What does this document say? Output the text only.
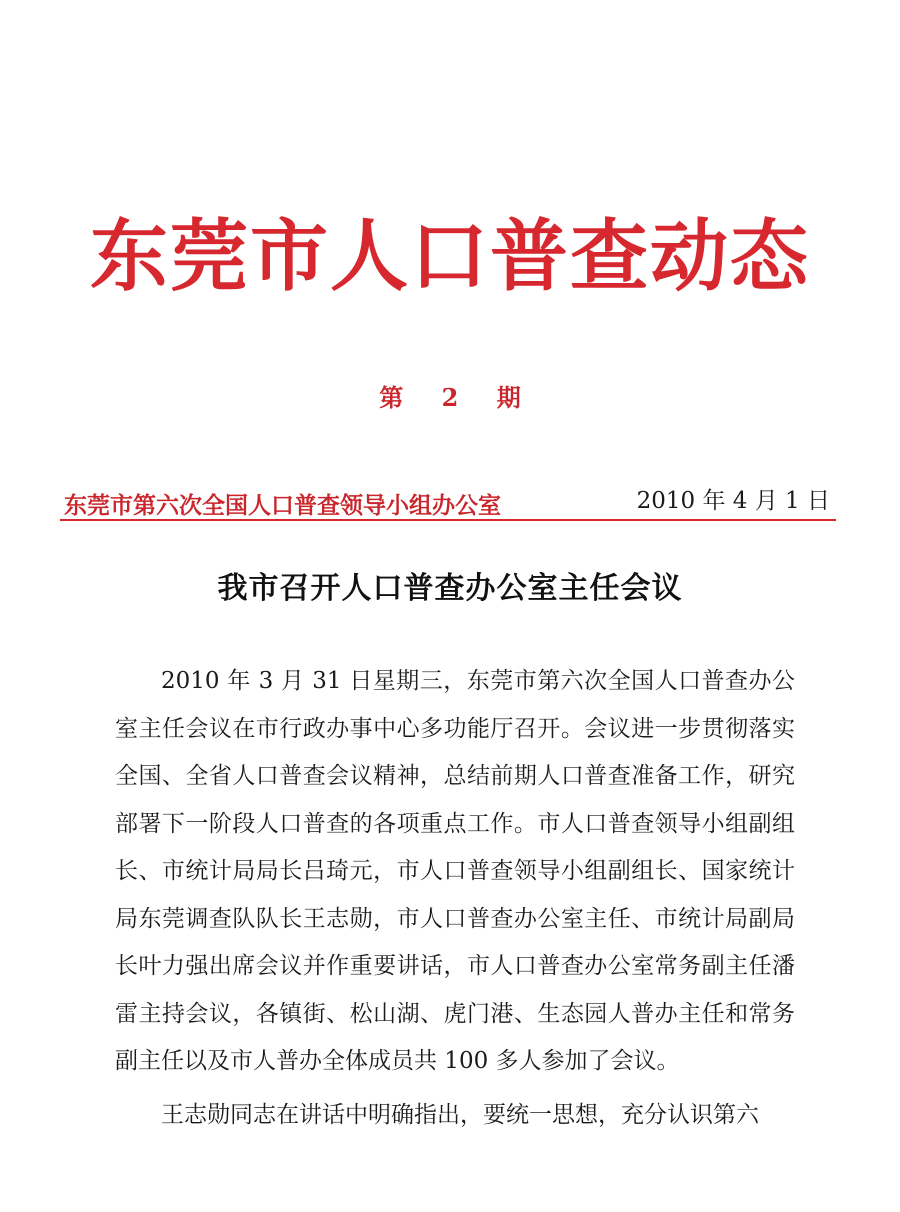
东莞市人口普查动态
第 2 期
东莞市第六次全国人口普查领导小组办公室	2010 年 4 月 1 日
我市召开人口普查办公室主任会议

2010 年 3 月 31 日星期三，东莞市第六次全国人口普查办公室主任会议在市行政办事中心多功能厅召开。会议进一步贯彻落实全国、全省人口普查会议精神，总结前期人口普查准备工作，研究部署下一阶段人口普查的各项重点工作。市人口普查领导小组副组长、市统计局局长吕琦元，市人口普查领导小组副组长、国家统计局东莞调查队队长王志勋，市人口普查办公室主任、市统计局副局长叶力强出席会议并作重要讲话，市人口普查办公室常务副主任潘雷主持会议，各镇街、松山湖、虎门港、生态园人普办主任和常务副主任以及市人普办全体成员共 100 多人参加了会议。

王志勋同志在讲话中明确指出，要统一思想，充分认识第六
